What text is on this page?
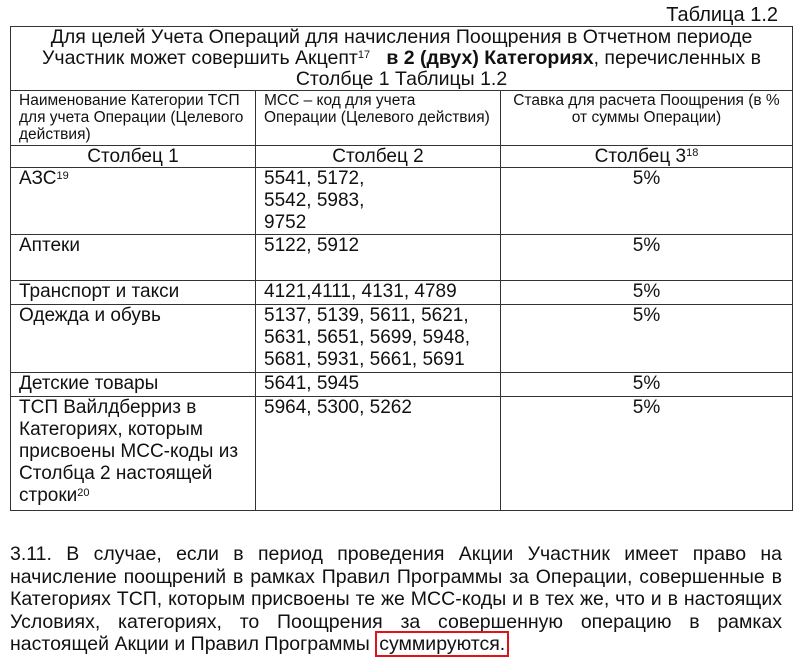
Таблица 1.2
Для целей Учета Операций для начисления Поощрения в Отчетном периоде Участник может совершить Акцепт$^{17}$ в 2 (двух) Категориях, перечисленных в Столбце 1 Таблицы 1.2		
Наименование Категории ТСП для учета Операции (Целевого действия)	МСС – код для учета Операции (Целевого действия)	Ставка для расчета Поощрения (в % от суммы Операции)
Столбец 1	Столбец 2	Столбец $3^{18}$
АЗС$^{19}$	5541, 5172, 5542, 5983, 9752	5%
Аптеки	5122, 5912	5%
Транспорт и такси	4121,4111, 4131, 4789	5%
Одежда и обувь	5137, 5139, 5611, 5621, 5631, 5651, 5699, 5948, 5681, 5931, 5661, 5691	5%
Детские товары	5641, 5945	5%
ТСП Вайлдберриз в Категориях, которым присвоены МСС-коды из Столбца 2 настоящей строки$^{20}$	5964, 5300, 5262	5%
3.11. В случае, если в период проведения Акции Участник имеет право на начисление поощрений в рамках Правил Программы за Операции, совершенные в Категориях ТСП, которым присвоены те же МСС-коды и в тех же, что и в настоящих Условиях, категориях, то Поощрения за совершенную операцию в рамках настоящей Акции и Правил Программы суммируются.
